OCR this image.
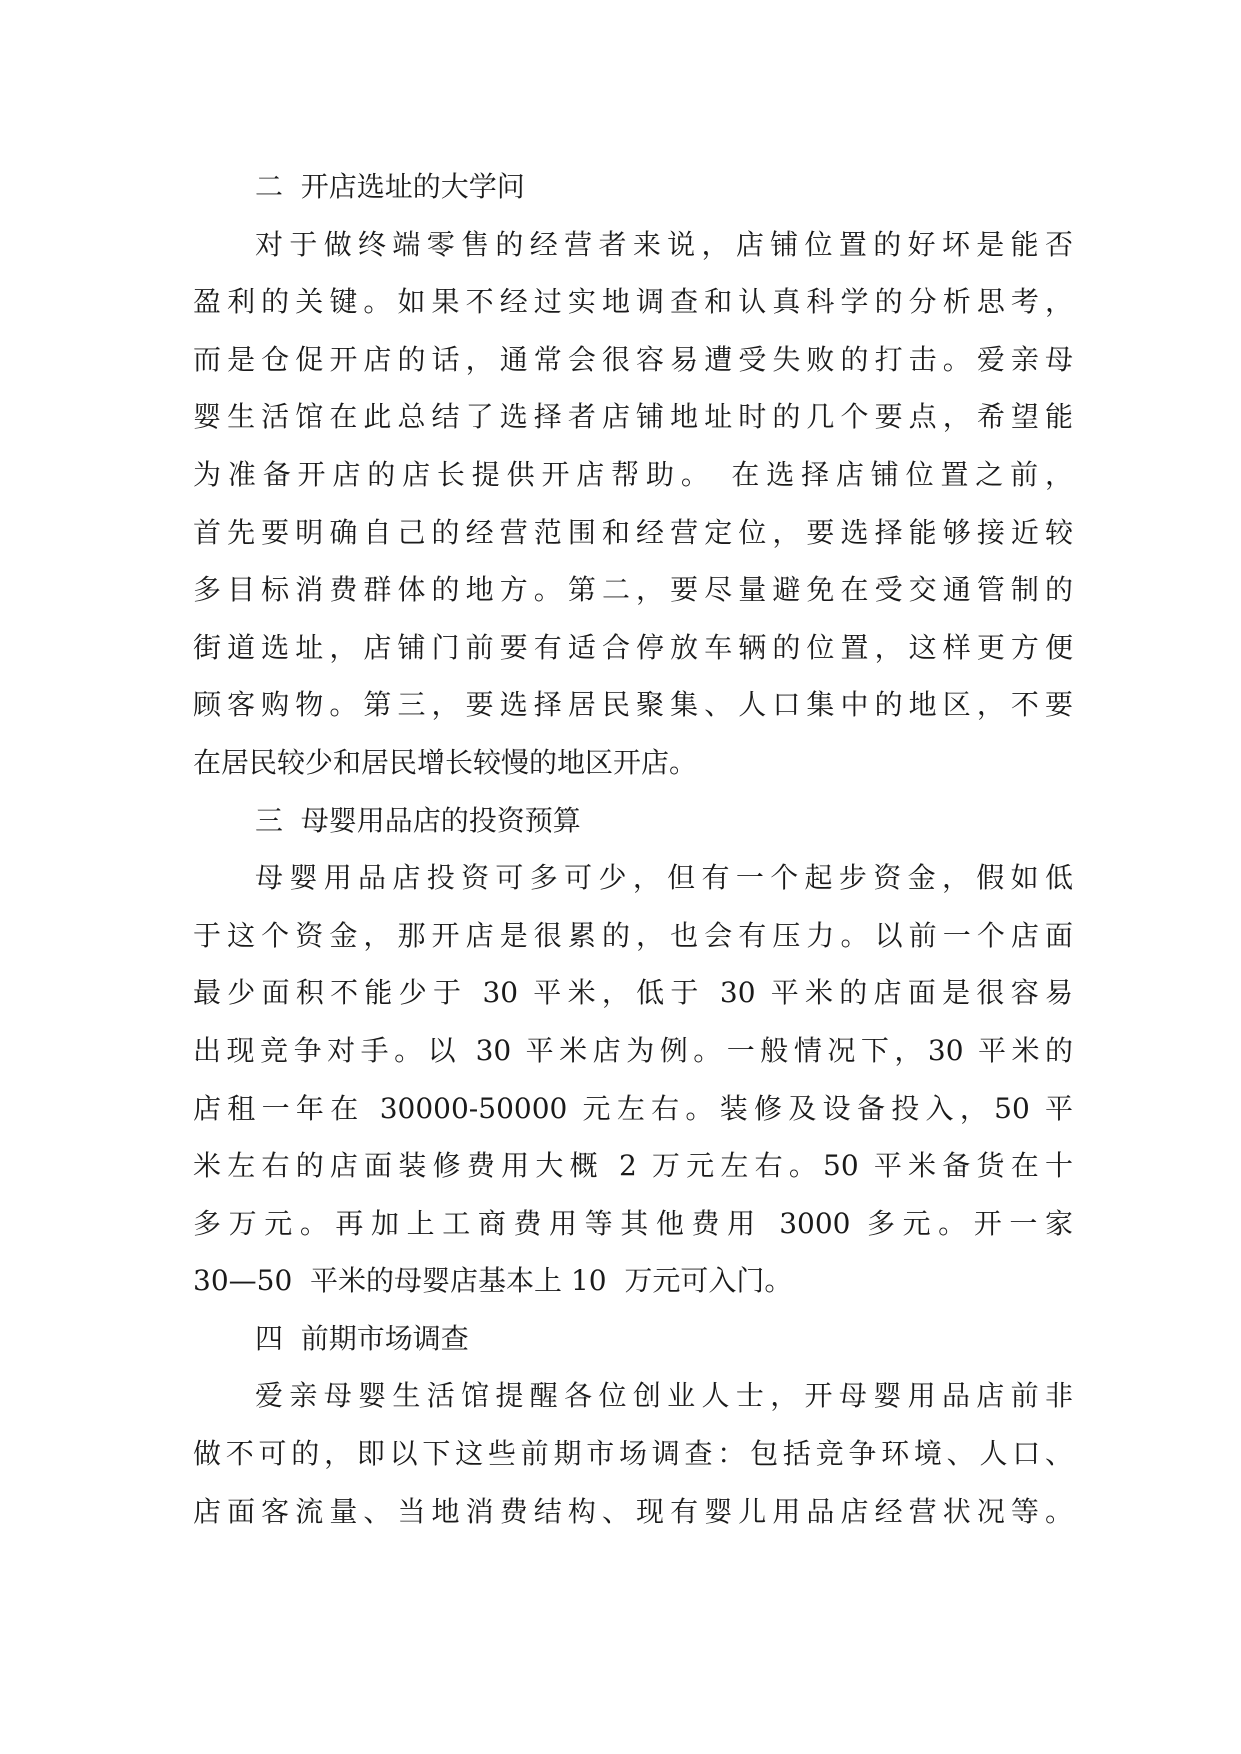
二  开店选址的大学问
对于做终端零售的经营者来说，店铺位置的好坏是能否
盈利的关键。如果不经过实地调查和认真科学的分析思考，
而是仓促开店的话，通常会很容易遭受失败的打击。爱亲母
婴生活馆在此总结了选择者店铺地址时的几个要点，希望能
为准备开店的店长提供开店帮助。 在选择店铺位置之前，
首先要明确自己的经营范围和经营定位，要选择能够接近较
多目标消费群体的地方。第二，要尽量避免在受交通管制的
街道选址，店铺门前要有适合停放车辆的位置，这样更方便
顾客购物。第三，要选择居民聚集、人口集中的地区，不要
在居民较少和居民增长较慢的地区开店。
三  母婴用品店的投资预算
母婴用品店投资可多可少，但有一个起步资金，假如低
于这个资金，那开店是很累的，也会有压力。以前一个店面
最少面积不能少于 30 平米，低于 30 平米的店面是很容易
出现竞争对手。以 30 平米店为例。一般情况下，30 平米的
店租一年在 30000-50000 元左右。装修及设备投入，50 平
米左右的店面装修费用大概 2 万元左右。50 平米备货在十
多万元。再加上工商费用等其他费用 3000 多元。开一家
30—50  平米的母婴店基本上 10  万元可入门。
四  前期市场调查
爱亲母婴生活馆提醒各位创业人士，开母婴用品店前非
做不可的，即以下这些前期市场调查：包括竞争环境、人口、
店面客流量、当地消费结构、现有婴儿用品店经营状况等。
